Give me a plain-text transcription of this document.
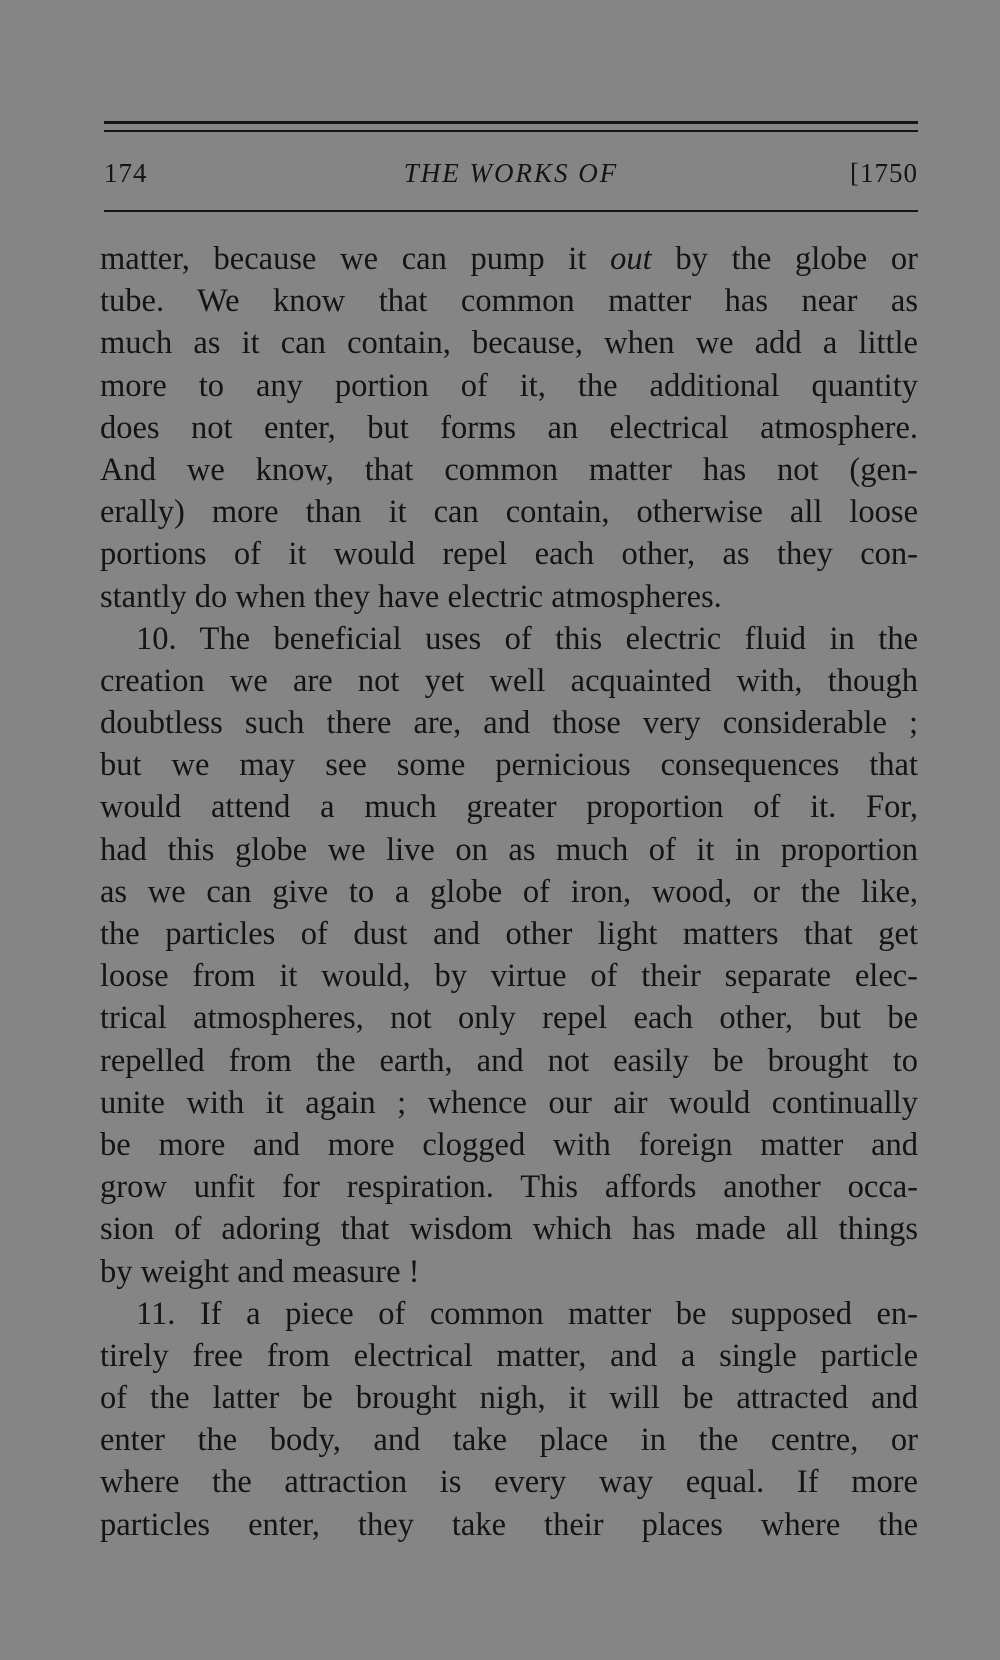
174	THE WORKS OF	[1750
matter, because we can pump it out by the globe or
tube. We know that common matter has near as
much as it can contain, because, when we add a little
more to any portion of it, the additional quantity
does not enter, but forms an electrical atmosphere.
And we know, that common matter has not (gen-
erally) more than it can contain, otherwise all loose
portions of it would repel each other, as they con-
stantly do when they have electric atmospheres.
10. The beneficial uses of this electric fluid in the
creation we are not yet well acquainted with, though
doubtless such there are, and those very considerable ;
but we may see some pernicious consequences that
would attend a much greater proportion of it. For,
had this globe we live on as much of it in proportion
as we can give to a globe of iron, wood, or the like,
the particles of dust and other light matters that get
loose from it would, by virtue of their separate elec-
trical atmospheres, not only repel each other, but be
repelled from the earth, and not easily be brought to
unite with it again ; whence our air would continually
be more and more clogged with foreign matter and
grow unfit for respiration. This affords another occa-
sion of adoring that wisdom which has made all things
by weight and measure !
11. If a piece of common matter be supposed en-
tirely free from electrical matter, and a single particle
of the latter be brought nigh, it will be attracted and
enter the body, and take place in the centre, or
where the attraction is every way equal. If more
particles enter, they take their places where the
